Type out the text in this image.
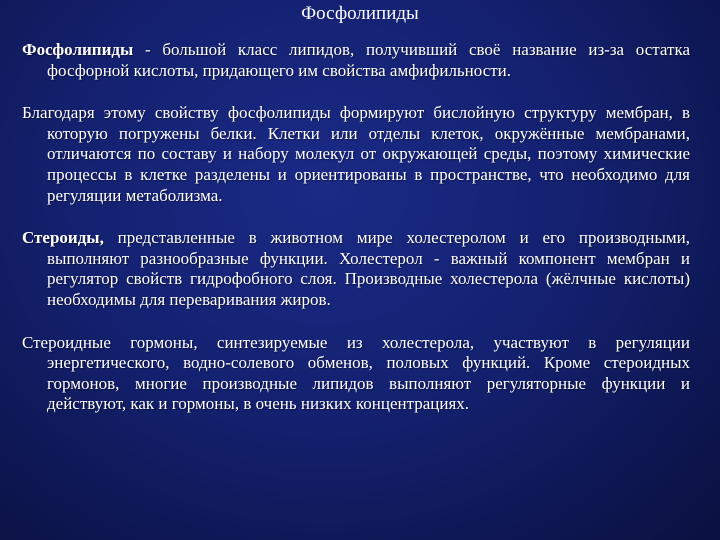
Фосфолипиды

Фосфолипиды - большой класс липидов, получивший своё название из-за остатка фосфорной кислоты, придающего им свойства амфифильности.

Благодаря этому свойству фосфолипиды формируют бислойную структуру мембран, в которую погружены белки. Клетки или отделы клеток, окружённые мембранами, отличаются по составу и набору молекул от окружающей среды, поэтому химические процессы в клетке разделены и ориентированы в пространстве, что необходимо для регуляции метаболизма.

Стероиды, представленные в животном мире холестеролом и его производными, выполняют разнообразные функции. Холестерол - важный компонент мембран и регулятор свойств гидрофобного слоя. Производные холестерола (жёлчные кислоты) необходимы для переваривания жиров.

Стероидные гормоны, синтезируемые из холестерола, участвуют в регуляции энергетического, водно-солевого обменов, половых функций. Кроме стероидных гормонов, многие производные липидов выполняют регуляторные функции и действуют, как и гормоны, в очень низких концентрациях.
